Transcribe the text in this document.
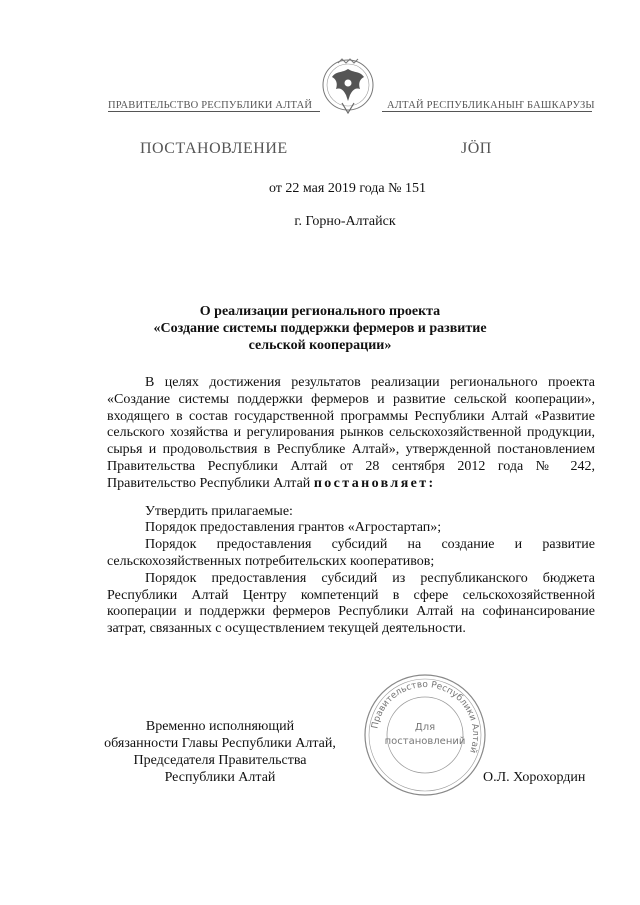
ПРАВИТЕЛЬСТВО РЕСПУБЛИКИ АЛТАЙ	АЛТАЙ РЕСПУБЛИКАНЫҤ БАШКАРУЗЫ
ПОСТАНОВЛЕНИЕ	JӦП
от 22 мая 2019 года № 151
г. Горно-Алтайск
О реализации регионального проекта
«Создание системы поддержки фермеров и развитие
сельской кооперации»

В целях достижения результатов реализации регионального проекта «Создание системы поддержки фермеров и развитие сельской кооперации», входящего в состав государственной программы Республики Алтай «Развитие сельского хозяйства и регулирования рынков сельскохозяйственной продукции, сырья и продовольствия в Республике Алтай», утвержденной постановлением Правительства Республики Алтай от 28 сентября 2012 года № 242, Правительство Республики Алтай постановляет:

Утвердить прилагаемые:

Порядок предоставления грантов «Агростартап»;

Порядок предоставления субсидий на создание и развитие сельскохозяйственных потребительских кооперативов;

Порядок предоставления субсидий из республиканского бюджета Республики Алтай Центру компетенций в сфере сельскохозяйственной кооперации и поддержки фермеров Республики Алтай на софинансирование затрат, связанных с осуществлением текущей деятельности.

Правительство Республики Алтай
Для
постановлений
Временно исполняющий
обязанности Главы Республики Алтай,
Председателя Правительства
Республики Алтай	О.Л. Хорохордин
